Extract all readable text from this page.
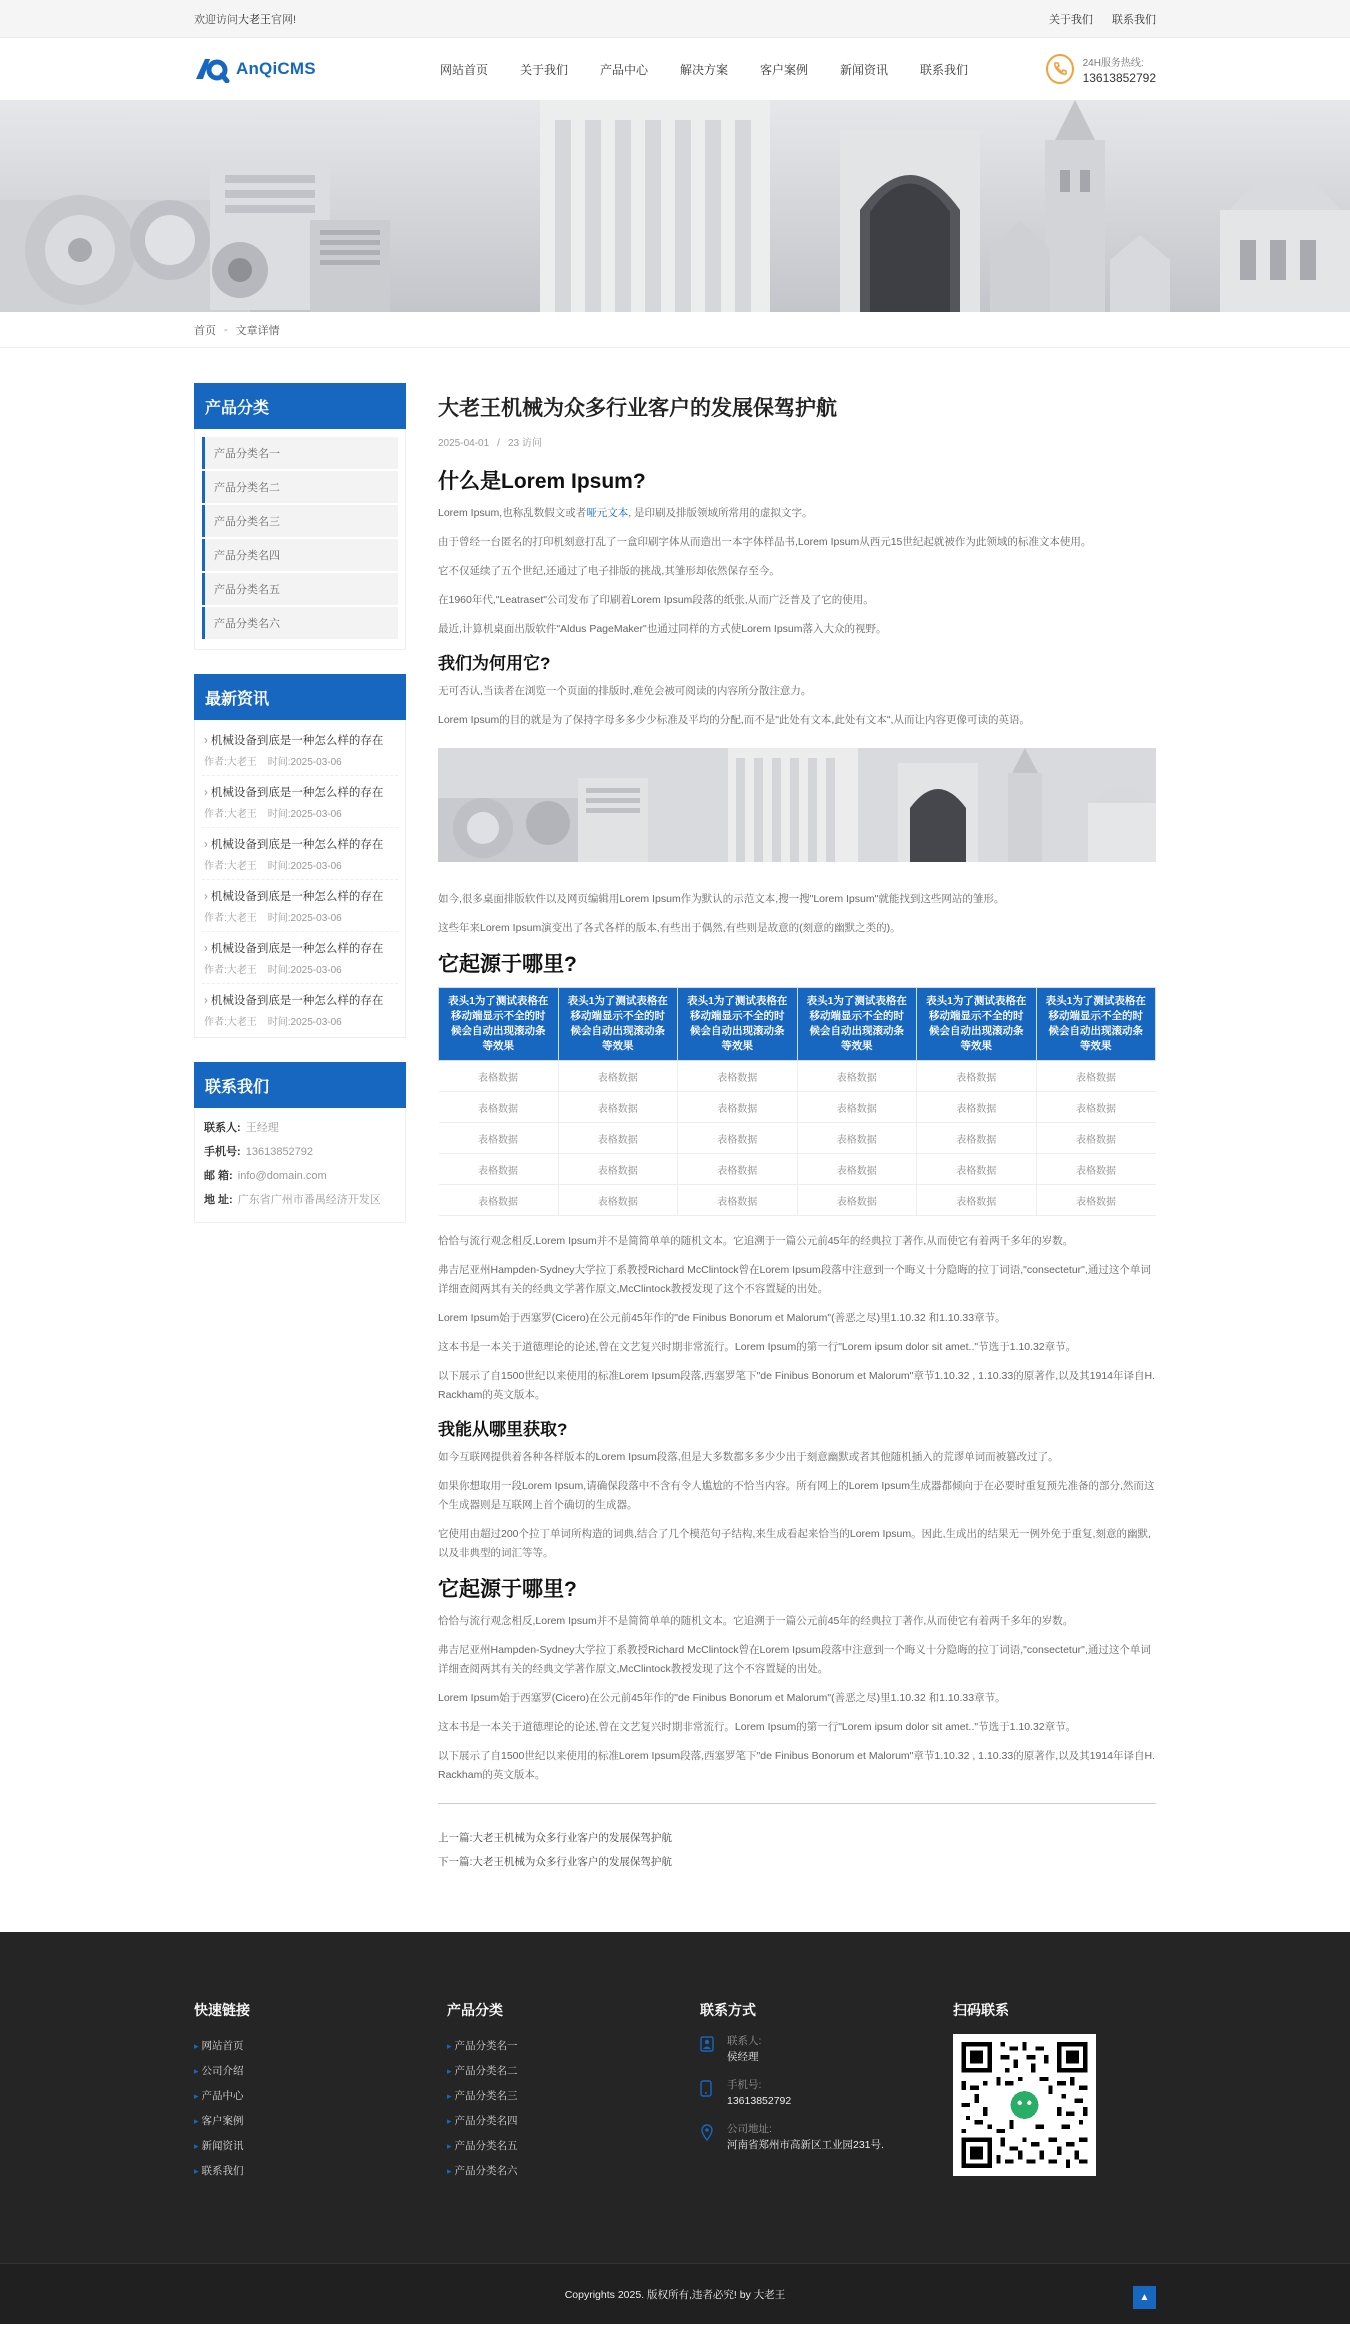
欢迎访问大老王官网!	关于我们 联系我们
AnQiCMS	网站首页	关于我们	产品中心	解决方案	客户案例	新闻资讯	联系我们	24H服务热线:
13613852792
首页 - 文章详情
产品分类
产品分类名一
产品分类名二
产品分类名三
产品分类名四
产品分类名五
产品分类名六
最新资讯
› 机械设备到底是一种怎么样的存在
作者:大老王 时间:2025-03-06
› 机械设备到底是一种怎么样的存在
作者:大老王 时间:2025-03-06
› 机械设备到底是一种怎么样的存在
作者:大老王 时间:2025-03-06
› 机械设备到底是一种怎么样的存在
作者:大老王 时间:2025-03-06
› 机械设备到底是一种怎么样的存在
作者:大老王 时间:2025-03-06
› 机械设备到底是一种怎么样的存在
作者:大老王 时间:2025-03-06
联系我们
联系人: 王经理
手机号: 13613852792
邮 箱: info@domain.com
地 址: 广东省广州市番禺经济开发区
大老王机械为众多行业客户的发展保驾护航
2025-04-01 / 23 访问
什么是Lorem Ipsum?
Lorem Ipsum,也称乱数假文或者哑元文本, 是印刷及排版领域所常用的虚拟文字。
由于曾经一台匿名的打印机刻意打乱了一盒印刷字体从而造出一本字体样品书,Lorem Ipsum从西元15世纪起就被作为此领域的标准文本使用。
它不仅延续了五个世纪,还通过了电子排版的挑战,其雏形却依然保存至今。
在1960年代,"Leatraset"公司发布了印刷着Lorem Ipsum段落的纸张,从而广泛普及了它的使用。
最近,计算机桌面出版软件"Aldus PageMaker"也通过同样的方式使Lorem Ipsum落入大众的视野。
我们为何用它?
无可否认,当读者在浏览一个页面的排版时,难免会被可阅读的内容所分散注意力。
Lorem Ipsum的目的就是为了保持字母多多少少标准及平均的分配,而不是"此处有文本,此处有文本",从而让内容更像可读的英语。
如今,很多桌面排版软件以及网页编辑用Lorem Ipsum作为默认的示范文本,搜一搜"Lorem Ipsum"就能找到这些网站的雏形。
这些年来Lorem Ipsum演变出了各式各样的版本,有些出于偶然,有些则是故意的(刻意的幽默之类的)。
它起源于哪里?
表头1为了测试表格在移动端显示不全的时候会自动出现滚动条等效果	表头1为了测试表格在移动端显示不全的时候会自动出现滚动条等效果	表头1为了测试表格在移动端显示不全的时候会自动出现滚动条等效果	表头1为了测试表格在移动端显示不全的时候会自动出现滚动条等效果	表头1为了测试表格在移动端显示不全的时候会自动出现滚动条等效果	表头1为了测试表格在移动端显示不全的时候会自动出现滚动条等效果
表格数据	表格数据	表格数据	表格数据	表格数据	表格数据
表格数据	表格数据	表格数据	表格数据	表格数据	表格数据
表格数据	表格数据	表格数据	表格数据	表格数据	表格数据
表格数据	表格数据	表格数据	表格数据	表格数据	表格数据
表格数据	表格数据	表格数据	表格数据	表格数据	表格数据
恰恰与流行观念相反,Lorem Ipsum并不是简简单单的随机文本。它追溯于一篇公元前45年的经典拉丁著作,从而使它有着两千多年的岁数。
弗吉尼亚州Hampden-Sydney大学拉丁系教授Richard McClintock曾在Lorem Ipsum段落中注意到一个晦义十分隐晦的拉丁词语,"consectetur",通过这个单词详细查阅两其有关的经典文学著作原文,McClintock教授发现了这个不容置疑的出处。
Lorem Ipsum始于西塞罗(Cicero)在公元前45年作的"de Finibus Bonorum et Malorum"(善恶之尽)里1.10.32 和1.10.33章节。
这本书是一本关于道德理论的论述,曾在文艺复兴时期非常流行。Lorem Ipsum的第一行"Lorem ipsum dolor sit amet.."节选于1.10.32章节。
以下展示了自1500世纪以来使用的标准Lorem Ipsum段落,西塞罗笔下"de Finibus Bonorum et Malorum"章节1.10.32 , 1.10.33的原著作,以及其1914年译自H. Rackham的英文版本。
我能从哪里获取?
如今互联网提供着各种各样版本的Lorem Ipsum段落,但是大多数都多多少少出于刻意幽默或者其他随机插入的荒谬单词而被篡改过了。
如果你想取用一段Lorem Ipsum,请确保段落中不含有令人尴尬的不恰当内容。所有网上的Lorem Ipsum生成器都倾向于在必要时重复预先准备的部分,然而这个生成器则是互联网上首个确切的生成器。
它使用由超过200个拉丁单词所构造的词典,结合了几个模范句子结构,来生成看起来恰当的Lorem Ipsum。因此,生成出的结果无一例外免于重复,刻意的幽默,以及非典型的词汇等等。
它起源于哪里?
恰恰与流行观念相反,Lorem Ipsum并不是简简单单的随机文本。它追溯于一篇公元前45年的经典拉丁著作,从而使它有着两千多年的岁数。
弗吉尼亚州Hampden-Sydney大学拉丁系教授Richard McClintock曾在Lorem Ipsum段落中注意到一个晦义十分隐晦的拉丁词语,"consectetur",通过这个单词详细查阅两其有关的经典文学著作原文,McClintock教授发现了这个不容置疑的出处。
Lorem Ipsum始于西塞罗(Cicero)在公元前45年作的"de Finibus Bonorum et Malorum"(善恶之尽)里1.10.32 和1.10.33章节。
这本书是一本关于道德理论的论述,曾在文艺复兴时期非常流行。Lorem Ipsum的第一行"Lorem ipsum dolor sit amet.."节选于1.10.32章节。
以下展示了自1500世纪以来使用的标准Lorem Ipsum段落,西塞罗笔下"de Finibus Bonorum et Malorum"章节1.10.32 , 1.10.33的原著作,以及其1914年译自H. Rackham的英文版本。
上一篇:大老王机械为众多行业客户的发展保驾护航
下一篇:大老王机械为众多行业客户的发展保驾护航
快速链接
▸ 网站首页
▸ 公司介绍
▸ 产品中心
▸ 客户案例
▸ 新闻资讯
▸ 联系我们
产品分类
▸ 产品分类名一
▸ 产品分类名二
▸ 产品分类名三
▸ 产品分类名四
▸ 产品分类名五
▸ 产品分类名六
联系方式
联系人:
侯经理
手机号:
13613852792
公司地址:
河南省郑州市高新区工业园231号.
扫码联系
Copyrights 2025. 版权所有,违者必究! by 大老王	▲
